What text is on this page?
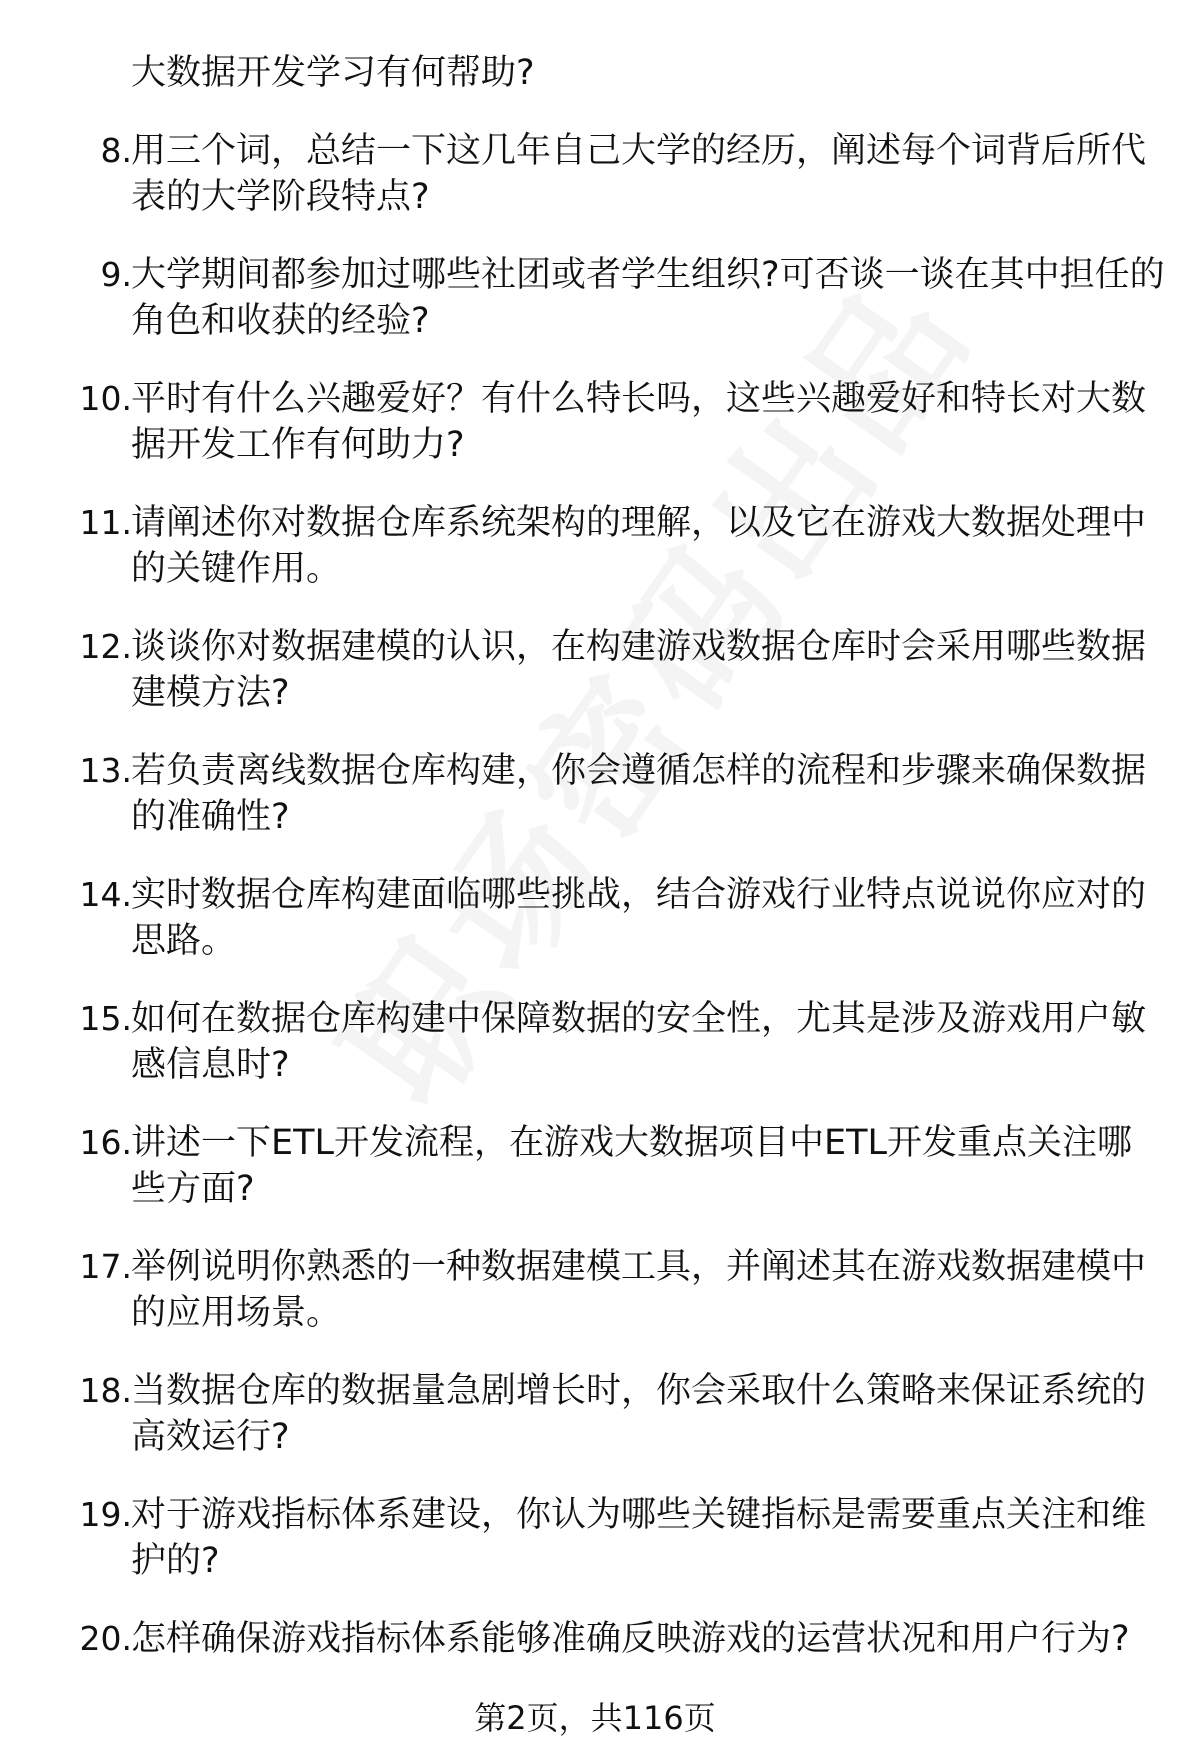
大数据开发学习有何帮助?
8. 用三个词，总结一下这几年自己大学的经历，阐述每个词背后所代表的大学阶段特点?
9. 大学期间都参加过哪些社团或者学生组织?可否谈一谈在其中担任的角色和收获的经验?
10. 平时有什么兴趣爱好？有什么特长吗，这些兴趣爱好和特长对大数据开发工作有何助力?
11. 请阐述你对数据仓库系统架构的理解，以及它在游戏大数据处理中的关键作用。
12. 谈谈你对数据建模的认识，在构建游戏数据仓库时会采用哪些数据建模方法?
13. 若负责离线数据仓库构建，你会遵循怎样的流程和步骤来确保数据的准确性?
14. 实时数据仓库构建面临哪些挑战，结合游戏行业特点说说你应对的思路。
15. 如何在数据仓库构建中保障数据的安全性，尤其是涉及游戏用户敏感信息时?
16. 讲述一下ETL开发流程，在游戏大数据项目中ETL开发重点关注哪些方面?
17. 举例说明你熟悉的一种数据建模工具，并阐述其在游戏数据建模中的应用场景。
18. 当数据仓库的数据量急剧增长时，你会采取什么策略来保证系统的高效运行?
19. 对于游戏指标体系建设，你认为哪些关键指标是需要重点关注和维护的?
20. 怎样确保游戏指标体系能够准确反映游戏的运营状况和用户行为?
第2页，共116页
